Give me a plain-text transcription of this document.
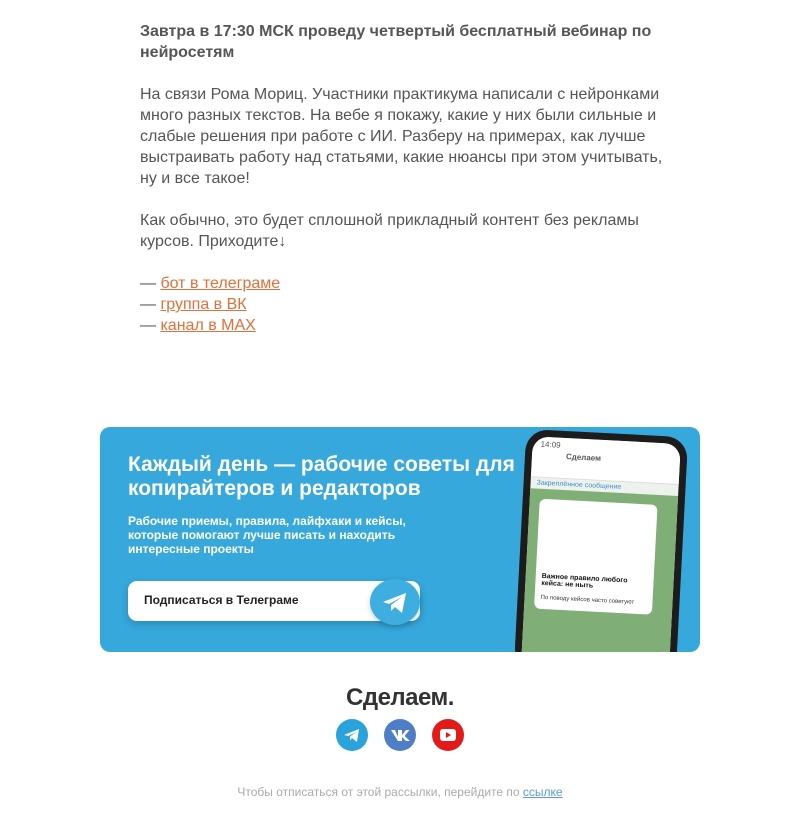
Завтра в 17:30 МСК проведу четвертый бесплатный вебинар по нейросетям

На связи Рома Мориц. Участники практикума написали с нейронками много разных текстов. На вебе я покажу, какие у них были сильные и слабые решения при работе с ИИ. Разберу на примерах, как лучше выстраивать работу над статьями, какие нюансы при этом учитывать, ну и все такое!

Как обычно, это будет сплошной прикладный контент без рекламы курсов. Приходите↓

— бот в телеграме
— группа в ВК
— канал в MAX
Каждый день — рабочие советы для копирайтеров и редакторов
Рабочие приемы, правила, лайфхаки и кейсы, которые помогают лучше писать и находить интересные проекты
Подписаться в Телеграме
14:09
Сделаем
Закреплённое сообщение
Важное правило любого кейса: не ныть
По поводу кейсов часто советуют
Сделаем.

Чтобы отписаться от этой рассылки, перейдите по ссылке
